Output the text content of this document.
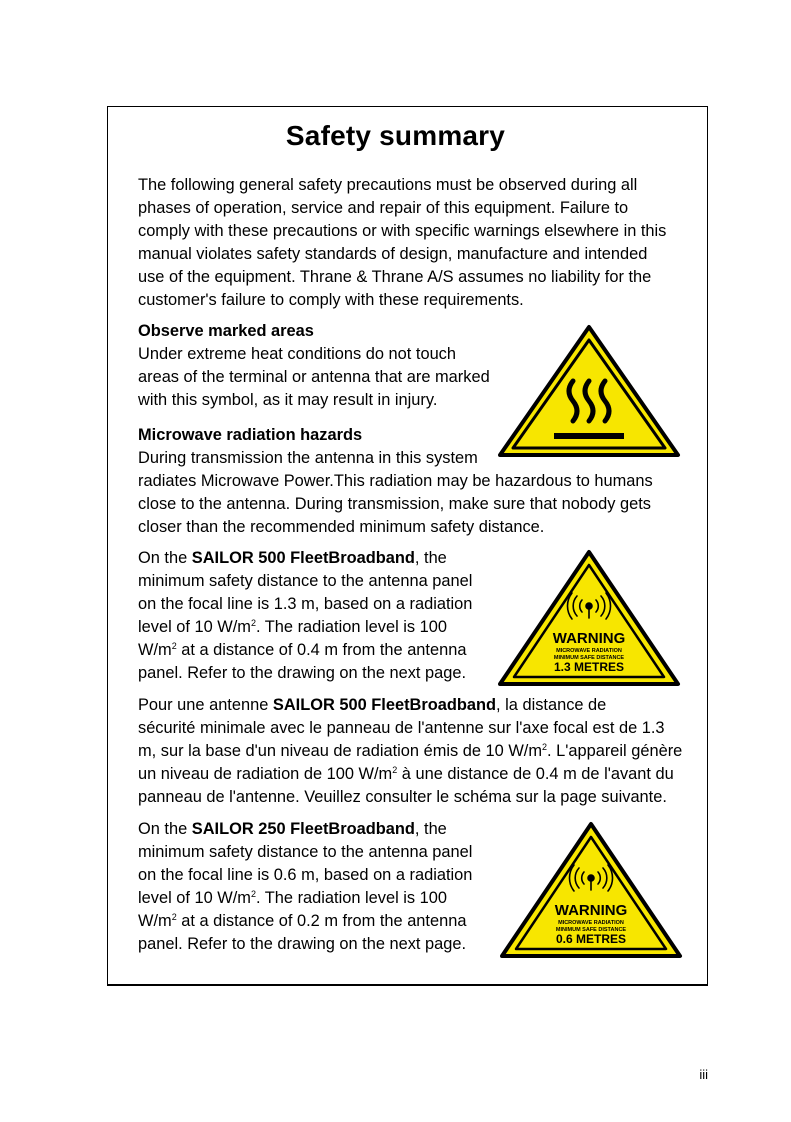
Safety summary
The following general safety precautions must be observed during all
phases of operation, service and repair of this equipment. Failure to
comply with these precautions or with specific warnings elsewhere in this
manual violates safety standards of design, manufacture and intended
use of the equipment. Thrane & Thrane A/S assumes no liability for the
customer's failure to comply with these requirements.
Observe marked areas
Under extreme heat conditions do not touch
areas of the terminal or antenna that are marked
with this symbol, as it may result in injury.
Microwave radiation hazards
During transmission the antenna in this system
radiates Microwave Power.This radiation may be hazardous to humans
close to the antenna. During transmission, make sure that nobody gets
closer than the recommended minimum safety distance.
On the SAILOR 500 FleetBroadband, the
minimum safety distance to the antenna panel
on the focal line is 1.3 m, based on a radiation
level of 10 $W/m^2$. The radiation level is 100
$W/m^2$ at a distance of 0.4 m from the antenna
panel. Refer to the drawing on the next page.
WARNING
MICROWAVE RADIATION
MINIMUM SAFE DISTANCE
1.3 METRES
Pour une antenne SAILOR 500 FleetBroadband, la distance de
sécurité minimale avec le panneau de l'antenne sur l'axe focal est de 1.3
m, sur la base d'un niveau de radiation émis de 10 $W/m^2$. L'appareil génère
un niveau de radiation de 100 $W/m^2$ à une distance de 0.4 m de l'avant du
panneau de l'antenne. Veuillez consulter le schéma sur la page suivante.
On the SAILOR 250 FleetBroadband, the
minimum safety distance to the antenna panel
on the focal line is 0.6 m, based on a radiation
level of 10 $W/m^2$. The radiation level is 100
$W/m^2$ at a distance of 0.2 m from the antenna
panel. Refer to the drawing on the next page.
WARNING
MICROWAVE RADIATION
MINIMUM SAFE DISTANCE
0.6 METRES
iii
